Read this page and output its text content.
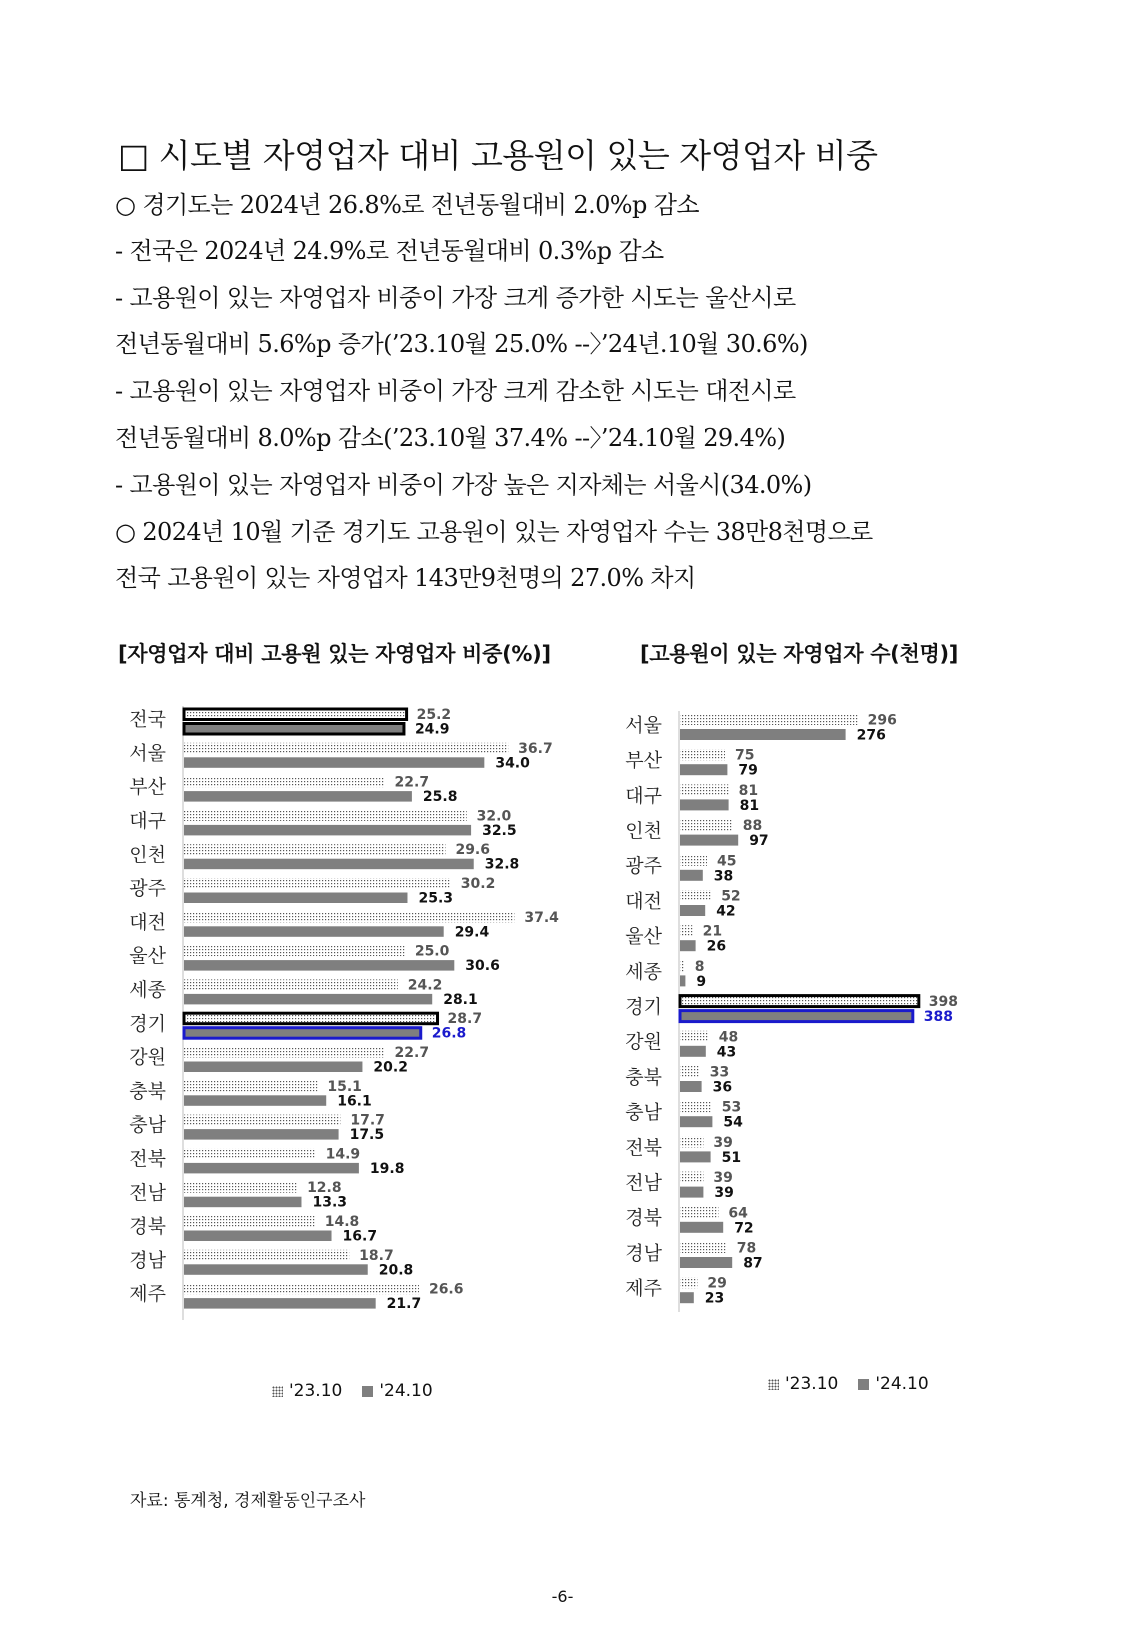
□ 시도별 자영업자 대비 고용원이 있는 자영업자 비중
○ 경기도는 2024년 26.8%로 전년동월대비 2.0%p 감소
- 전국은 2024년 24.9%로 전년동월대비 0.3%p 감소
- 고용원이 있는 자영업자 비중이 가장 크게 증가한 시도는 울산시로
전년동월대비 5.6%p 증가(’23.10월 25.0% --〉’24년.10월 30.6%)
- 고용원이 있는 자영업자 비중이 가장 크게 감소한 시도는 대전시로
전년동월대비 8.0%p 감소(’23.10월 37.4% --〉’24.10월 29.4%)
- 고용원이 있는 자영업자 비중이 가장 높은 지자체는 서울시(34.0%)
○ 2024년 10월 기준 경기도 고용원이 있는 자영업자 수는 38만8천명으로
전국 고용원이 있는 자영업자 143만9천명의 27.0% 차지
[자영업자 대비 고용원 있는 자영업자 비중(%)]	[고용원이 있는 자영업자 수(천명)]
전국	25.2
24.9
서울	36.7
34.0
부산	22.7
25.8
대구	32.0
32.5
인천	29.6
32.8
광주	30.2
25.3
대전	37.4
29.4
울산	25.0
30.6
세종	24.2
28.1
경기	28.7
26.8
강원	22.7
20.2
충북	15.1
16.1
충남	17.7
17.5
전북	14.9
19.8
전남	12.8
13.3
경북	14.8
16.7
경남	18.7
20.8
제주	26.6
21.7
서울	296
276
부산	75
79
대구	81
81
인천	88
97
광주	45
38
대전	52
42
울산	21
26
세종 8
9
경기	398
388
강원	48
43
충북	33
36
충남	53
54
전북	39
51
전남	39
39
경북	64
72
경남	78
87
제주	29
23
'23.10 '24.10	'23.10 '24.10
자료: 통계청, 경제활동인구조사
-6-
